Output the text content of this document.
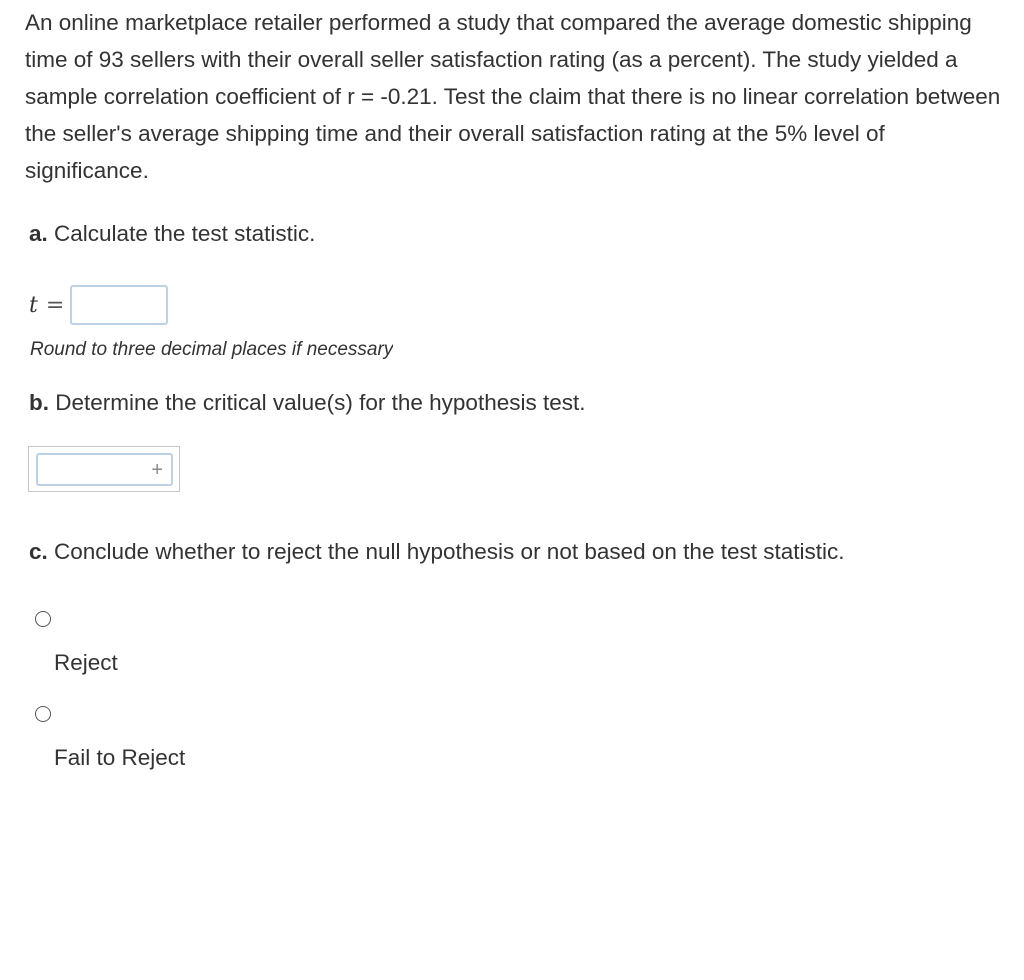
An online marketplace retailer performed a study that compared the average domestic shipping time of 93 sellers with their overall seller satisfaction rating (as a percent). The study yielded a sample correlation coefficient of r = -0.21. Test the claim that there is no linear correlation between the seller's average shipping time and their overall satisfaction rating at the 5% level of significance.

a. Calculate the test statistic.
t =
Round to three decimal places if necessary
b. Determine the critical value(s) for the hypothesis test.
+
c. Conclude whether to reject the null hypothesis or not based on the test statistic.
Reject
Fail to Reject
